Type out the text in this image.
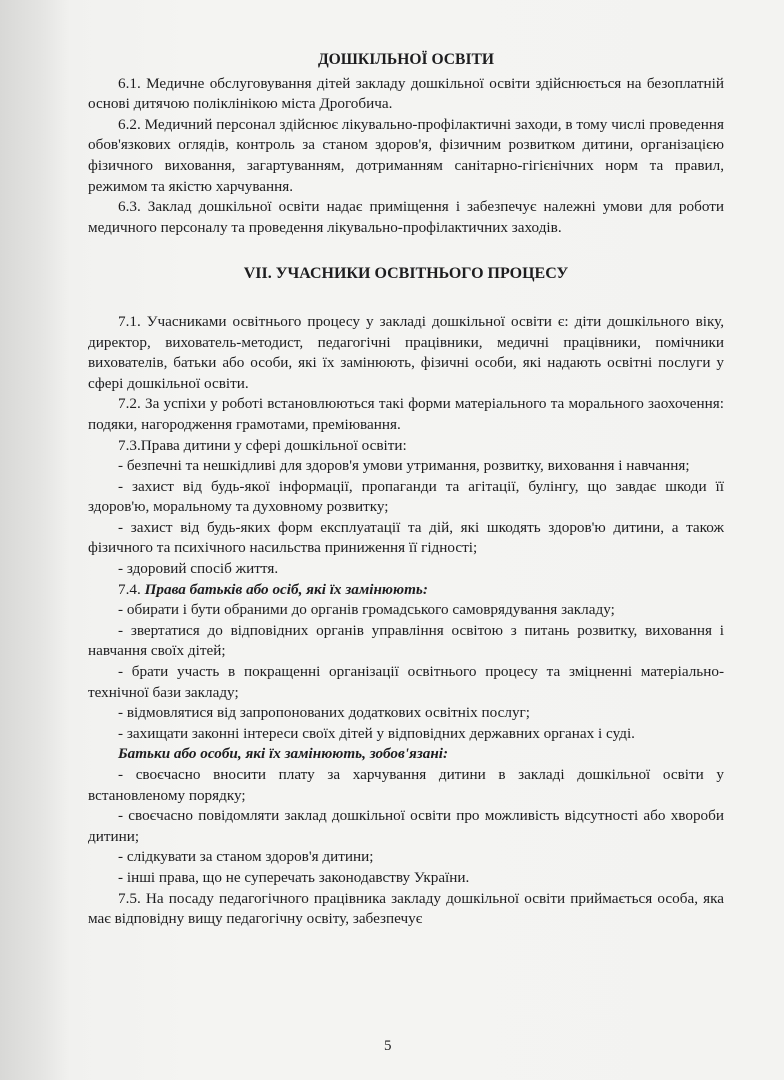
ДОШКІЛЬНОЇ ОСВІТИ

6.1. Медичне обслуговування дітей закладу дошкільної освіти здійснюється на безоплатній основі дитячою поліклінікою міста Дрогобича.

6.2. Медичний персонал здійснює лікувально-профілактичні заходи, в тому числі проведення обов'язкових оглядів, контроль за станом здоров'я, фізичним розвитком дитини, організацією фізичного виховання, загартуванням, дотриманням санітарно-гігієнічних норм та правил, режимом та якістю харчування.

6.3. Заклад дошкільної освіти надає приміщення і забезпечує належні умови для роботи медичного персоналу та проведення лікувально-профілактичних заходів.

VII. УЧАСНИКИ ОСВІТНЬОГО ПРОЦЕСУ

7.1. Учасниками освітнього процесу у закладі дошкільної освіти є: діти дошкільного віку, директор, вихователь-методист, педагогічні працівники, медичні працівники, помічники вихователів, батьки або особи, які їх замінюють, фізичні особи, які надають освітні послуги у сфері дошкільної освіти.

7.2. За успіхи у роботі встановлюються такі форми матеріального та морального заохочення: подяки, нагородження грамотами, преміювання.

7.3.Права дитини у сфері дошкільної освіти:

- безпечні та нешкідливі для здоров'я умови утримання, розвитку, виховання і навчання;

- захист від будь-якої інформації, пропаганди та агітації, булінгу, що завдає шкоди її здоров'ю, моральному та духовному розвитку;

- захист від будь-яких форм експлуатації та дій, які шкодять здоров'ю дитини, а також фізичного та психічного насильства приниження її гідності;

- здоровий спосіб життя.

7.4. Права батьків або осіб, які їх замінюють:

- обирати і бути обраними до органів громадського самоврядування закладу;

- звертатися до відповідних органів управління освітою з питань розвитку, виховання і навчання своїх дітей;

- брати участь в покращенні організації освітнього процесу та зміцненні матеріально-технічної бази закладу;

- відмовлятися від запропонованих додаткових освітніх послуг;

- захищати законні інтереси своїх дітей у відповідних державних органах і суді.

Батьки або особи, які їх замінюють, зобов'язані:

- своєчасно вносити плату за харчування дитини в закладі дошкільної освіти у встановленому порядку;

- своєчасно повідомляти заклад дошкільної освіти про можливість відсутності або хвороби дитини;

- слідкувати за станом здоров'я дитини;

- інші права, що не суперечать законодавству України.

7.5. На посаду педагогічного працівника закладу дошкільної освіти приймається особа, яка має відповідну вищу педагогічну освіту, забезпечує

5
